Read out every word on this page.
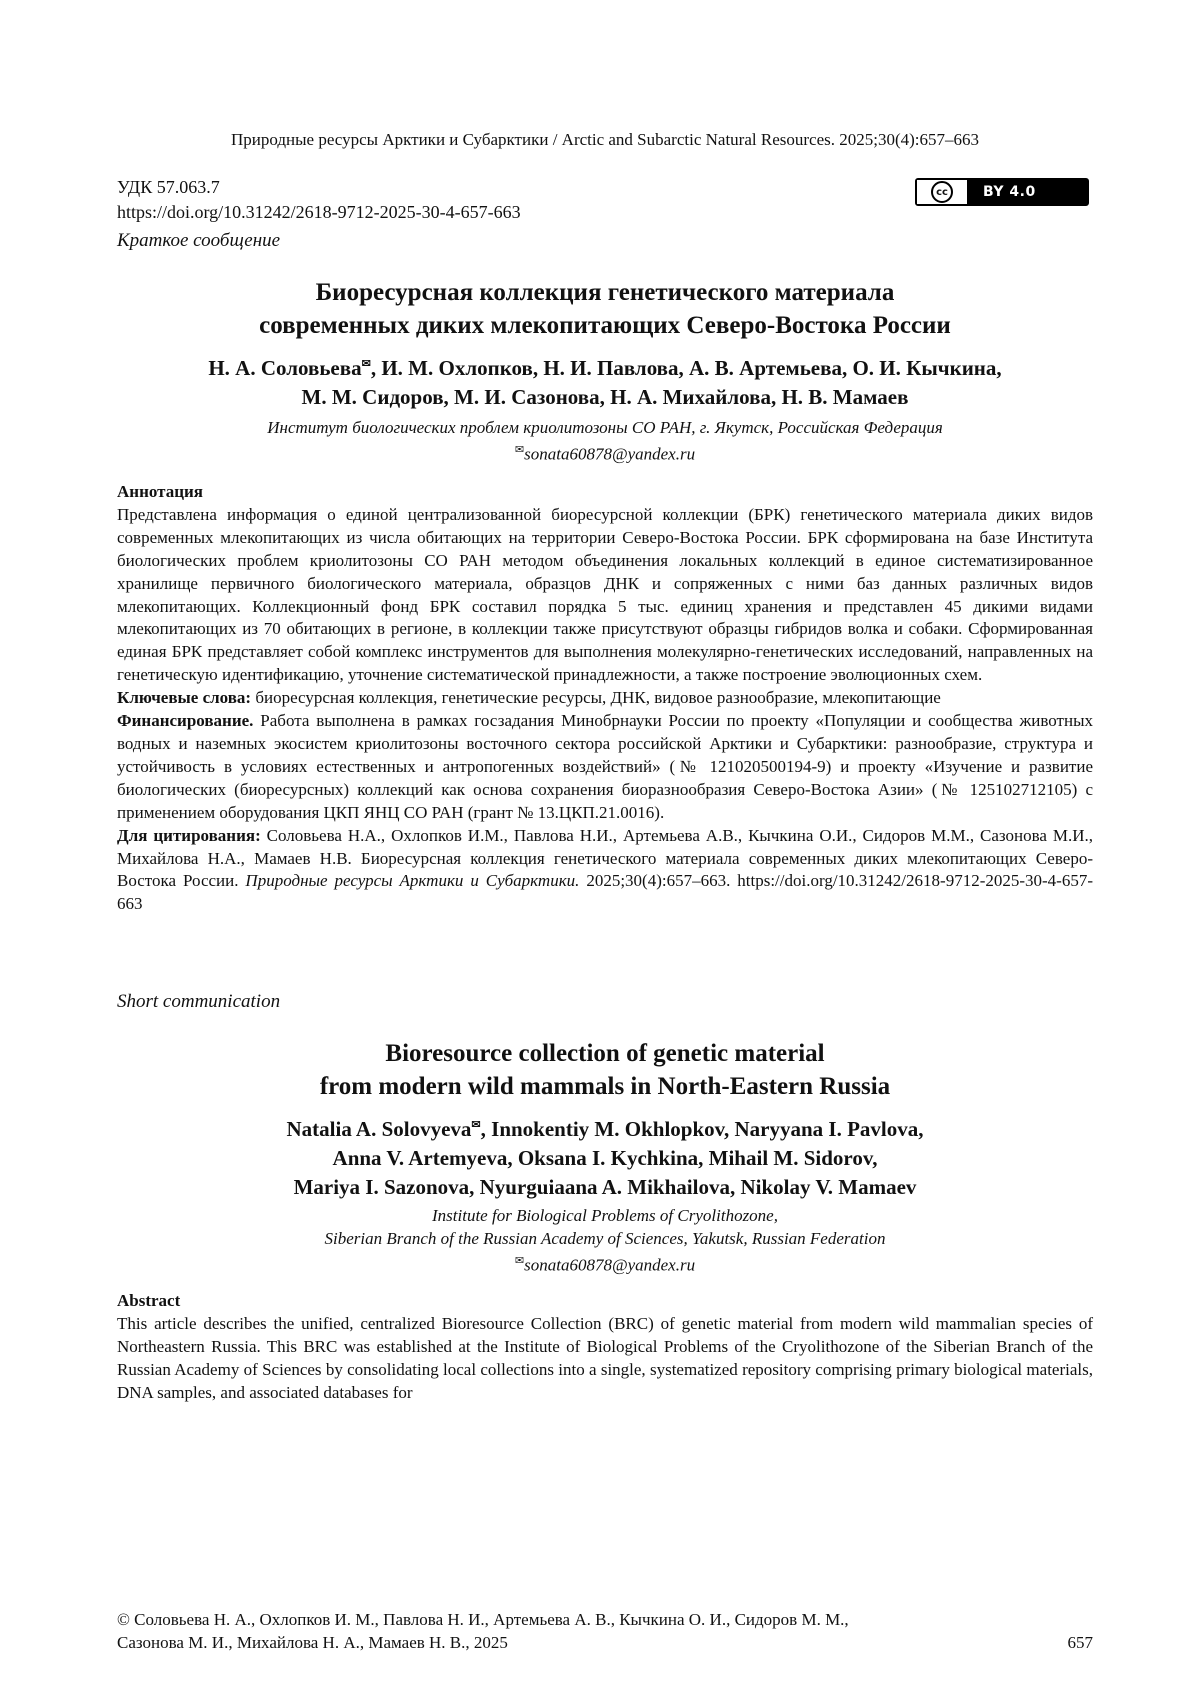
Природные ресурсы Арктики и Субарктики / Arctic and Subarctic Natural Resources. 2025;30(4):657–663
УДК 57.063.7
https://doi.org/10.31242/2618-9712-2025-30-4-657-663
cc	BY 4.0
Краткое сообщение
Биоресурсная коллекция генетического материала
современных диких млекопитающих Северо-Востока России
Н. А. Соловьева✉, И. М. Охлопков, Н. И. Павлова, А. В. Артемьева, О. И. Кычкина,
М. М. Сидоров, М. И. Сазонова, Н. А. Михайлова, Н. В. Мамаев
Институт биологических проблем криолитозоны СО РАН, г. Якутск, Российская Федерация
✉sonata60878@yandex.ru

Аннотация

Представлена информация о единой централизованной биоресурсной коллекции (БРК) генетического материала диких видов современных млекопитающих из числа обитающих на территории Северо-Востока России. БРК сформирована на базе Института биологических проблем криолитозоны СО РАН методом объединения локальных коллекций в единое систематизированное хранилище первичного биологического материала, образцов ДНК и сопряженных с ними баз данных различных видов млекопитающих. Коллекционный фонд БРК составил порядка 5 тыс. единиц хранения и представлен 45 дикими видами млекопитающих из 70 обитающих в регионе, в коллекции также присутствуют образцы гибридов волка и собаки. Сформированная единая БРК представляет собой комплекс инструментов для выполнения молекулярно-генетических исследований, направленных на генетическую идентификацию, уточнение систематической принадлежности, а также построение эволюционных схем.

Ключевые слова: биоресурсная коллекция, генетические ресурсы, ДНК, видовое разнообразие, млекопитающие

Финансирование. Работа выполнена в рамках госзадания Минобрнауки России по проекту «Популяции и сообщества животных водных и наземных экосистем криолитозоны восточного сектора российской Арктики и Субарктики: разнообразие, структура и устойчивость в условиях естественных и антропогенных воздействий» (№ 121020500194-9) и проекту «Изучение и развитие биологических (биоресурсных) коллекций как основа сохранения биоразнообразия Северо-Востока Азии» (№ 125102712105) с применением оборудования ЦКП ЯНЦ СО РАН (грант № 13.ЦКП.21.0016).

Для цитирования: Соловьева Н.А., Охлопков И.М., Павлова Н.И., Артемьева А.В., Кычкина О.И., Сидоров М.М., Сазонова М.И., Михайлова Н.А., Мамаев Н.В. Биоресурсная коллекция генетического материала современных диких млекопитающих Северо-Востока России. Природные ресурсы Арктики и Субарктики. 2025;30(4):657–663. https://doi.org/10.31242/2618-9712-2025-30-4-657-663

Short communication
Bioresource collection of genetic material
from modern wild mammals in North-Eastern Russia
Natalia A. Solovyeva✉, Innokentiy M. Okhlopkov, Naryyana I. Pavlova,
Anna V. Artemyeva, Oksana I. Kychkina, Mihail M. Sidorov,
Mariya I. Sazonova, Nyurguiaana A. Mikhailova, Nikolay V. Mamaev
Institute for Biological Problems of Cryolithozone,
Siberian Branch of the Russian Academy of Sciences, Yakutsk, Russian Federation
✉sonata60878@yandex.ru

Abstract

This article describes the unified, centralized Bioresource Collection (BRC) of genetic material from modern wild mammalian species of Northeastern Russia. This BRC was established at the Institute of Biological Problems of the Cryolithozone of the Siberian Branch of the Russian Academy of Sciences by consolidating local collections into a single, systematized repository comprising primary biological materials, DNA samples, and associated databases for

© Соловьева Н. А., Охлопков И. М., Павлова Н. И., Артемьева А. В., Кычкина О. И., Сидоров М. М.,
Сазонова М. И., Михайлова Н. А., Мамаев Н. В., 2025	657
